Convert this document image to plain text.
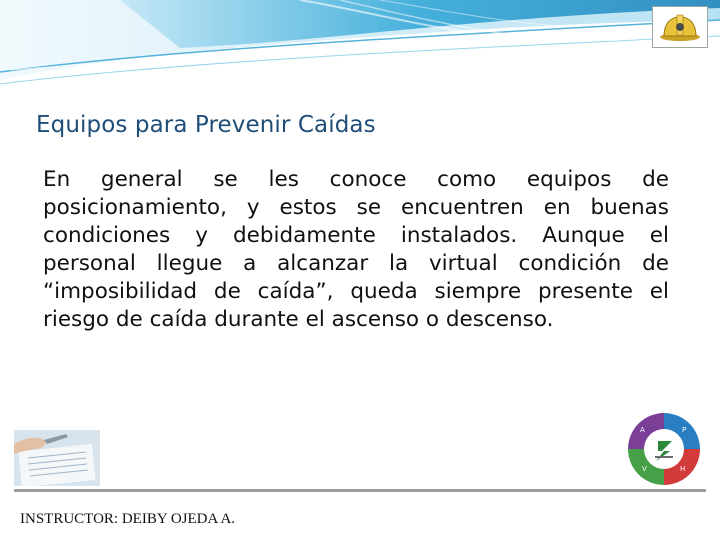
Equipos para Prevenir Caídas
En general se les conoce como equipos de posicionamiento, y estos se encuentren en buenas condiciones y debidamente instalados. Aunque el personal llegue a alcanzar la virtual condición de “imposibilidad de caída”, queda siempre presente el riesgo de caída durante el ascenso o descenso.
A	P
V	H
INSTRUCTOR: DEIBY OJEDA A.
